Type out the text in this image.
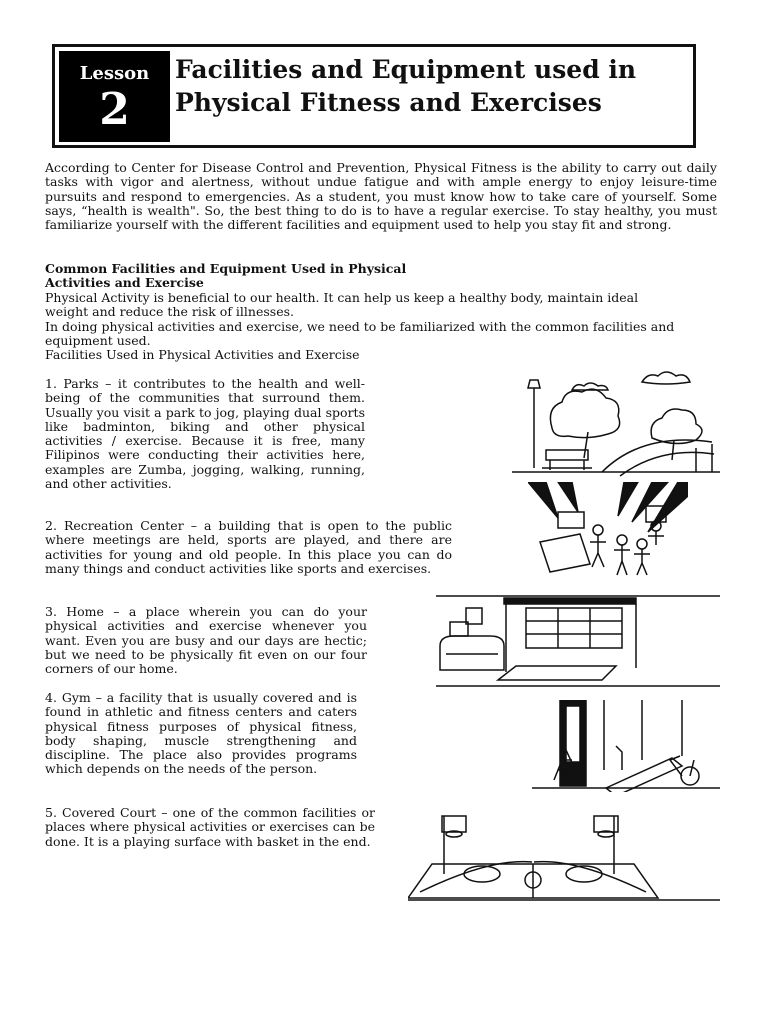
Lesson
2
Facilities and Equipment used in Physical Fitness and Exercises

According to Center for Disease Control and Prevention, Physical Fitness is the ability to carry out daily tasks with vigor and alertness, without undue fatigue and with ample energy to enjoy leisure-time pursuits and respond to emergencies. As a student, you must know how to take care of yourself. Some says, “health is wealth". So, the best thing to do is to have a regular exercise. To stay healthy, you must familiarize yourself with the different facilities and equipment used to help you stay fit and strong.

Common Facilities and Equipment Used in Physical Activities and Exercise

Physical Activity is beneficial to our health. It can help us keep a healthy body, maintain ideal weight and reduce the risk of illnesses.

In doing physical activities and exercise, we need to be familiarized with the common facilities and equipment used.

Facilities Used in Physical Activities and Exercise

1. Parks – it contributes to the health and well-being of the communities that surround them. Usually you visit a park to jog, playing dual sports like badminton, biking and other physical activities / exercise. Because it is free, many Filipinos were conducting their activities here, examples are Zumba, jogging, walking, running, and other activities.

2. Recreation Center – a building that is open to the public where meetings are held, sports are played, and there are activities for young and old people. In this place you can do many things and conduct activities like sports and exercises.

3. Home – a place wherein you can do your physical activities and exercise whenever you want. Even you are busy and our days are hectic; but we need to be physically fit even on our four corners of our home.

4. Gym – a facility that is usually covered and is found in athletic and fitness centers and caters physical fitness purposes of physical fitness, body shaping, muscle strengthening and discipline. The place also provides programs which depends on the needs of the person.

5. Covered Court – one of the common facilities or places where physical activities or exercises can be done. It is a playing surface with basket in the end.
